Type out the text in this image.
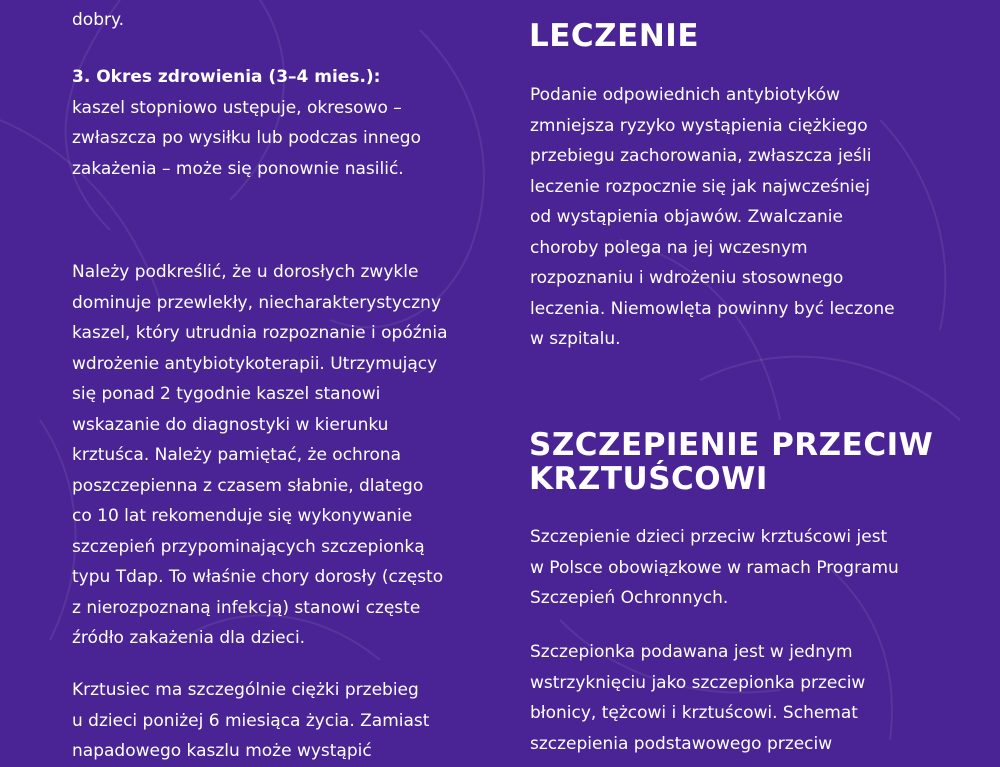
dobry.
3. Okres zdrowienia (3–4 mies.):
kaszel stopniowo ustępuje, okresowo –
zwłaszcza po wysiłku lub podczas innego
zakażenia – może się ponownie nasilić.
Należy podkreślić, że u dorosłych zwykle
dominuje przewlekły, niecharakterystyczny
kaszel, który utrudnia rozpoznanie i opóźnia
wdrożenie antybiotykoterapii. Utrzymujący
się ponad 2 tygodnie kaszel stanowi
wskazanie do diagnostyki w kierunku
krztuśca. Należy pamiętać, że ochrona
poszczepienna z czasem słabnie, dlatego
co 10 lat rekomenduje się wykonywanie
szczepień przypominających szczepionką
typu Tdap. To właśnie chory dorosły (często
z nierozpoznaną infekcją) stanowi częste
źródło zakażenia dla dzieci.
Krztusiec ma szczególnie ciężki przebieg
u dzieci poniżej 6 miesiąca życia. Zamiast
napadowego kaszlu może wystąpić
LECZENIE
Podanie odpowiednich antybiotyków
zmniejsza ryzyko wystąpienia ciężkiego
przebiegu zachorowania, zwłaszcza jeśli
leczenie rozpocznie się jak najwcześniej
od wystąpienia objawów. Zwalczanie
choroby polega na jej wczesnym
rozpoznaniu i wdrożeniu stosownego
leczenia. Niemowlęta powinny być leczone
w szpitalu.
SZCZEPIENIE PRZECIW
KRZTUŚCOWI
Szczepienie dzieci przeciw krztuścowi jest
w Polsce obowiązkowe w ramach Programu
Szczepień Ochronnych.
Szczepionka podawana jest w jednym
wstrzyknięciu jako szczepionka przeciw
błonicy, tężcowi i krztuścowi. Schemat
szczepienia podstawowego przeciw
